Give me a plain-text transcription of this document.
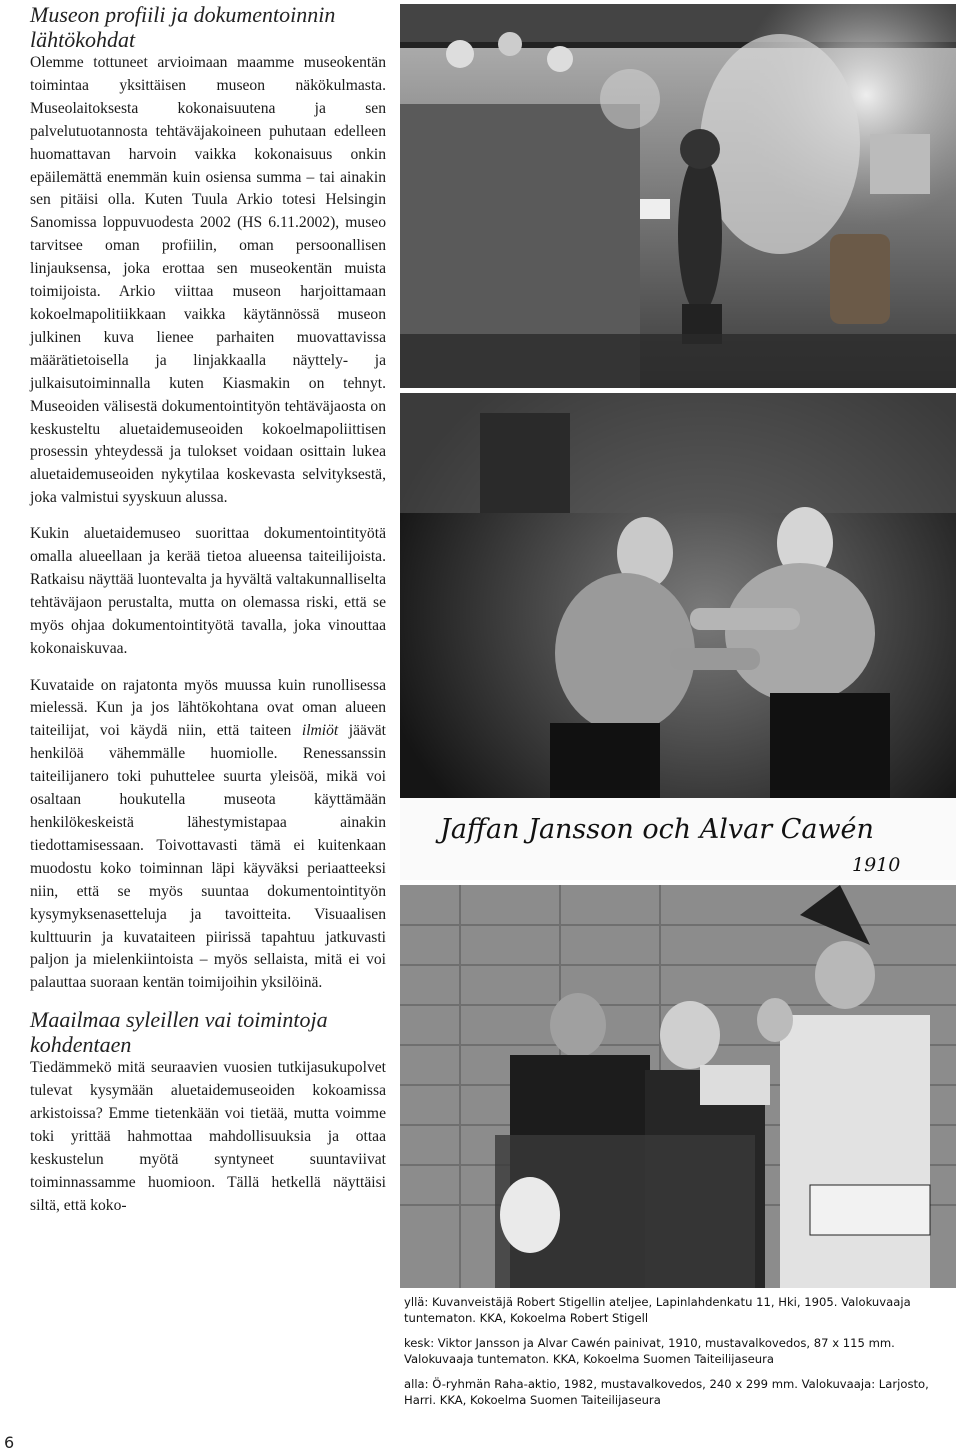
Museon profiili ja dokumentoinnin lähtökohdat

Olemme tottuneet arvioimaan maamme museokentän toimintaa yksittäisen museon näkökulmasta. Museolaitoksesta kokonaisuutena ja sen palvelutuotannosta tehtäväjakoineen puhutaan edelleen huomattavan harvoin vaikka kokonaisuus onkin epäilemättä enemmän kuin osiensa summa – tai ainakin sen pitäisi olla. Kuten Tuula Arkio totesi Helsingin Sanomissa loppuvuodesta 2002 (HS 6.11.2002), museo tarvitsee oman profiilin, oman persoonallisen linjauksensa, joka erottaa sen museokentän muista toimijoista. Arkio viittaa museon harjoittamaan kokoelmapolitiikkaan vaikka käytännössä museon julkinen kuva lienee parhaiten muovattavissa määrätietoisella ja linjakkaalla näyttely- ja julkaisutoiminnalla kuten Kiasmakin on tehnyt. Museoiden välisestä dokumentointityön tehtäväjaosta on keskusteltu aluetaidemuseoiden kokoelmapoliittisen prosessin yhteydessä ja tulokset voidaan osittain lukea aluetaidemuseoiden nykytilaa koskevasta selvityksestä, joka valmistui syyskuun alussa.

Kukin aluetaidemuseo suorittaa dokumentointityötä omalla alueellaan ja kerää tietoa alueensa taiteilijoista. Ratkaisu näyttää luontevalta ja hyvältä valtakunnalliselta tehtäväjaon perustalta, mutta on olemassa riski, että se myös ohjaa dokumentointityötä tavalla, joka vinouttaa kokonaiskuvaa.

Kuvataide on rajatonta myös muussa kuin runollisessa mielessä. Kun ja jos lähtökohtana ovat oman alueen taiteilijat, voi käydä niin, että taiteen ilmiöt jäävät henkilöä vähemmälle huomiolle. Renessanssin taiteilijanero toki puhuttelee suurta yleisöä, mikä voi osaltaan houkutella museota käyttämään henkilökeskeistä lähestymistapaa ainakin tiedottamisessaan. Toivottavasti tämä ei kuitenkaan muodostu koko toiminnan läpi käyväksi periaatteeksi niin, että se myös suuntaa dokumentointityön kysymyksenasetteluja ja tavoitteita. Visuaalisen kulttuurin ja kuvataiteen piirissä tapahtuu jatkuvasti paljon ja mielenkiintoista – myös sellaista, mitä ei voi palauttaa suoraan kentän toimijoihin yksilöinä.

Maailmaa syleillen vai toimintoja kohdentaen

Tiedämmekö mitä seuraavien vuosien tutkijasukupolvet tulevat kysymään aluetaidemuseoiden kokoamissa arkistoissa? Emme tietenkään voi tietää, mutta voimme toki yrittää hahmottaa mahdollisuuksia ja ottaa keskustelun myötä syntyneet suuntaviivat toiminnassamme huomioon. Tällä hetkellä näyttäisi siltä, että koko-

Jaffan Jansson och Alvar Cawén
1910

yllä: Kuvanveistäjä Robert Stigellin ateljee, Lapinlahdenkatu 11, Hki, 1905. Valokuvaaja tuntematon. KKA, Kokoelma Robert Stigell

kesk: Viktor Jansson ja Alvar Cawén painivat, 1910, mustavalkovedos, 87 x 115 mm. Valokuvaaja tuntematon. KKA, Kokoelma Suomen Taiteilijaseura

alla: Ö-ryhmän Raha-aktio, 1982, mustavalkovedos, 240 x 299 mm. Valokuvaaja: Larjosto, Harri. KKA, Kokoelma Suomen Taiteilijaseura

6
